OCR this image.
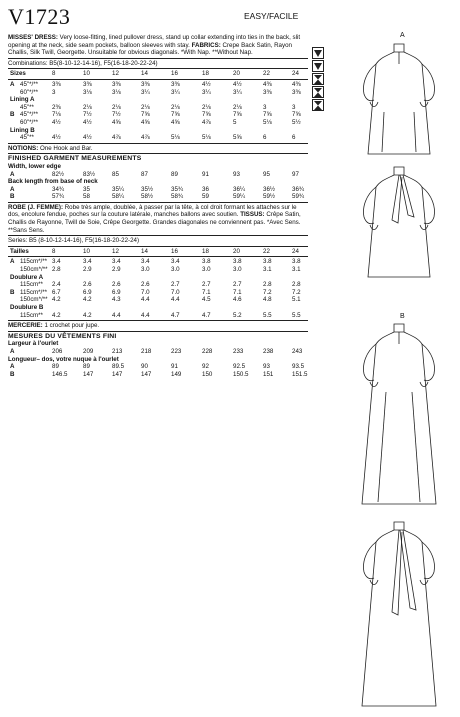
V1723	EASY/FACILE
MISSES' DRESS: Very loose-fitting, lined pullover dress, stand up collar extending into ties in the back, slit opening at the neck, side seam pockets, balloon sleeves with stay. FABRICS: Crepe Back Satin, Rayon Challis, Silk Twill, Georgette. Unsuitable for obvious diagonals. *With Nap. **Without Nap.
Combinations: B5(8-10-12-14-16), F5(16-18-20-22-24)
Sizes	8	10	12	14	16	18	20	22	24
A 45"*/** 3⅜	3⅜	3⅜	3⅜	3⅜	4½	4½	4⅜	4⅜
60"*/** 3	3⅛	3⅛	3¼	3¼	3¼	3¼	3⅜	3⅜
Lining A
45"**	2⅜	2⅛	2⅛	2⅛	2⅛	2⅛	2⅛	3	3
B 45"*/** 7⅛	7½	7½	7⅝	7⅝	7⅝	7⅝	7⅝	7⅝
60"*/** 4½	4½	4⅝	4⅝	4⅝	4⅞	5	5⅛	5½
Lining B
45"**	4½	4½	4⅞	4⅞	5⅛	5⅛	5⅝	6	6
NOTIONS: One Hook and Bar.
FINISHED GARMENT MEASUREMENTS
Width, lower edge
A	82½	83½	85	87	89	91	93	95	97
Back length from base of neck
A	34¾	35	35¼	35½	35¾	36	36¼	36½	36¾
B	57¾	58	58¼	58½	58¾	59	59¼	59½	59¾
ROBE (J. FEMME): Robe très ample, doublée, à passer par la tête, à col droit formant les attaches sur le dos, encolure fendue, poches sur la couture latérale, manches ballons avec soutien. TISSUS: Crêpe Satin, Challis de Rayonne, Twill de Soie, Crêpe Georgette. Grandes diagonales ne conviennent pas. *Avec Sens. **Sans Sens.
Series: B5 (8-10-12-14-16), F5(16-18-20-22-24)
Tailles	8	10	12	14	16	18	20	22	24
A 115cm*/** 3.4	3.4	3.4	3.4	3.4	3.8	3.8	3.8	3.8
150cm*/** 2.8	2.9	2.9	3.0	3.0	3.0	3.0	3.1	3.1
Doublure A
115cm** 2.4	2.6	2.6	2.6	2.7	2.7	2.7	2.8	2.8
B 115cm*/** 6.7	6.9	6.9	7.0	7.0	7.1	7.1	7.2	7.2
150cm*/** 4.2	4.2	4.3	4.4	4.4	4.5	4.6	4.8	5.1
Doublure B
115cm** 4.2	4.2	4.4	4.4	4.7	4.7	5.2	5.5	5.5
MERCERIE: 1 crochet pour jupe.
MESURES DU VÊTEMENTS FINI
Largeur à l'ourlet
A	206	209	213	218	223	228	233	238	243
Longueur– dos, votre nuque à l'ourlet
A	89	89	89.5	90	91	92	92.5	93	93.5
B	146.5	147	147	147	149	150	150.5 151	151.5
A
B
